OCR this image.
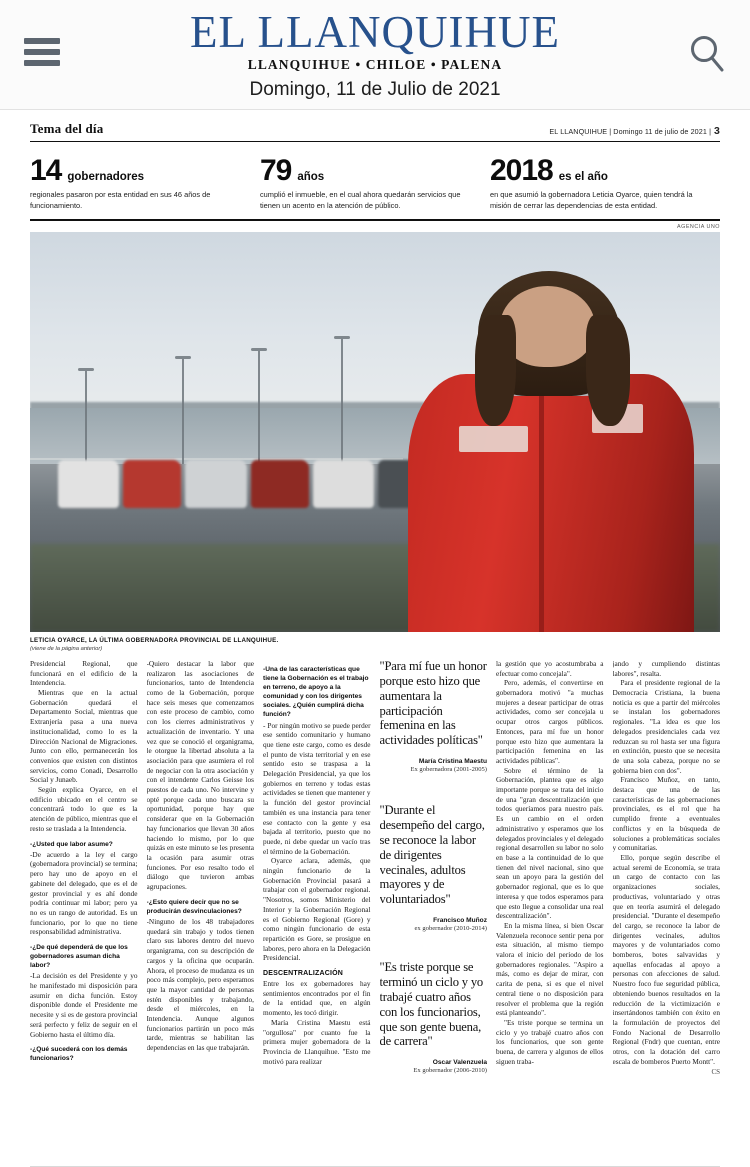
EL LLANQUIHUE
LLANQUIHUE • CHILOE • PALENA
Domingo, 11 de Julio de 2021
Tema del día	EL LLANQUIHUE | Domingo 11 de julio de 2021 | 3
14 gobernadores
regionales pasaron por esta entidad en sus 46 años de funcionamiento.
79 años
cumplió el inmueble, en el cual ahora quedarán servicios que tienen un acento en la atención de público.
2018 es el año
en que asumió la gobernadora Leticia Oyarce, quien tendrá la misión de cerrar las dependencias de esta entidad.
AGENCIA UNO
LETICIA OYARCE, LA ÚLTIMA GOBERNADORA PROVINCIAL DE LLANQUIHUE.
(viene de la página anterior)

Presidencial Regional, que funcionará en el edificio de la Intendencia.

Mientras que en la actual Gobernación quedará el Departamento Social, mientras que Extranjería pasa a una nueva institucionalidad, como lo es la Dirección Nacional de Migraciones. Junto con ello, permanecerán los convenios que existen con distintos servicios, como Conadi, Desarrollo Social y Junaeb.

Según explica Oyarce, en el edificio ubicado en el centro se concentrará todo lo que es la atención de público, mientras que el resto se traslada a la Intendencia.

-¿Usted que labor asume?

-De acuerdo a la ley el cargo (gobernadora provincial) se termina; pero hay uno de apoyo en el gabinete del delegado, que es el de gestor provincial y es ahí donde podría continuar mi labor; pero ya no es un rango de autoridad. Es un funcionario, por lo que no tiene responsabilidad administrativa.

-¿De qué dependerá de que los gobernadores asuman dicha labor?

-La decisión es del Presidente y yo he manifestado mi disposición para asumir en dicha función. Estoy disponible donde el Presidente me necesite y si es de gestora provincial será perfecto y feliz de seguir en el Gobierno hasta el último día.

-¿Qué sucederá con los demás funcionarios?

-Quiero destacar la labor que realizaron las asociaciones de funcionarios, tanto de Intendencia como de la Gobernación, porque hace seis meses que comenzamos con este proceso de cambio, como con los cierres administrativos y actualización de inventario. Y una vez que se conoció el organigrama, le otorgue la libertad absoluta a la asociación para que asumiera el rol de negociar con la otra asociación y con el intendente Carlos Geisse los puestos de cada uno. No intervine y opté porque cada uno buscara su oportunidad, porque hay que considerar que en la Gobernación hay funcionarios que llevan 30 años haciendo lo mismo, por lo que quizás en este minuto se les presenta la ocasión para asumir otras funciones. Por eso resalto todo el diálogo que tuvieron ambas agrupaciones.

-¿Esto quiere decir que no se producirán desvinculaciones?

-Ninguno de los 48 trabajadores quedará sin trabajo y todos tienen claro sus labores dentro del nuevo organigrama, con su descripción de cargos y la oficina que ocuparán. Ahora, el proceso de mudanza es un poco más complejo, pero esperamos que la mayor cantidad de personas estén disponibles y trabajando, desde el miércoles, en la Intendencia. Aunque algunos funcionarios partirán un poco más tarde, mientras se habilitan las dependencias en las que trabajarán.

-Una de las características que tiene la Gobernación es el trabajo en terreno, de apoyo a la comunidad y con los dirigentes sociales. ¿Quién cumplirá dicha función?

- Por ningún motivo se puede perder ese sentido comunitario y humano que tiene este cargo, como es desde el punto de vista territorial y en ese sentido esto se traspasa a la Delegación Presidencial, ya que los gobiernos en terreno y todas estas actividades se tienen que mantener y la función del gestor provincial también es una instancia para tener ese contacto con la gente y esa bajada al territorio, puesto que no puede, ni debe quedar un vacío tras el término de la Gobernación.

Oyarce aclara, además, que ningún funcionario de la Gobernación Provincial pasará a trabajar con el gobernador regional. "Nosotros, somos Ministerio del Interior y la Gobernación Regional es el Gobierno Regional (Gore) y como ningún funcionario de esta repartición es Gore, se prosigue en labores, pero ahora en la Delegación Presidencial.

DESCENTRALIZACIÓN

Entre los ex gobernadores hay sentimientos encontrados por el fin de la entidad que, en algún momento, les tocó dirigir.

María Cristina Maestu está "orgullosa" por cuanto fue la primera mujer gobernadora de la Provincia de Llanquihue. "Esto me motivó para realizar

"Para mí fue un honor porque esto hizo que aumentara la participación femenina en las actividades políticas"
María Cristina Maestu
Ex gobernadora (2001-2005)
"Durante el desempeño del cargo, se reconoce la labor de dirigentes vecinales, adultos mayores y de voluntariados"
Francisco Muñoz
ex gobernador (2010-2014)
"Es triste porque se terminó un ciclo y yo trabajé cuatro años con los funcionarios, que son gente buena, de carrera"
Oscar Valenzuela
Ex gobernador (2006-2010)

la gestión que yo acostumbraba a efectuar como concejala".

Pero, además, el convertirse en gobernadora motivó "a muchas mujeres a desear participar de otras actividades, como ser concejala u ocupar otros cargos públicos. Entonces, para mí fue un honor porque esto hizo que aumentara la participación femenina en las actividades públicas".

Sobre el término de la Gobernación, plantea que es algo importante porque se trata del inicio de una "gran descentralización que todos queríamos para nuestro país. Es un cambio en el orden administrativo y esperamos que los delegados provinciales y el delegado regional desarrollen su labor no solo en base a la continuidad de lo que tienen del nivel nacional, sino que sean un apoyo para la gestión del gobernador regional, que es lo que interesa y que todos esperamos para que esto llegue a consolidar una real descentralización".

En la misma línea, si bien Oscar Valenzuela reconoce sentir pena por esta situación, al mismo tiempo valora el inicio del período de los gobernadores regionales. "Aspiro a más, como es dejar de mirar, con carita de pena, si es que el nivel central tiene o no disposición para resolver el problema que la región está planteando".

"Es triste porque se termina un ciclo y yo trabajé cuatro años con los funcionarios, que son gente buena, de carrera y algunos de ellos siguen traba-

jando y cumpliendo distintas labores", resalta.

Para el presidente regional de la Democracia Cristiana, la buena noticia es que a partir del miércoles se instalan los gobernadores regionales. "La idea es que los delegados presidenciales cada vez reduzcan su rol hasta ser una figura en extinción, puesto que se necesita de una sola cabeza, porque no se gobierna bien con dos".

Francisco Muñoz, en tanto, destaca que una de las características de las gobernaciones provinciales, es el rol que ha cumplido frente a eventuales conflictos y en la búsqueda de soluciones a problemáticas sociales y comunitarias.

Ello, porque según describe el actual seremi de Economía, se trata un cargo de contacto con las organizaciones sociales, productivas, voluntariado y otras que en teoría asumirá el delegado presidencial. "Durante el desempeño del cargo, se reconoce la labor de dirigentes vecinales, adultos mayores y de voluntariados como bomberos, botes salvavidas y aquellas enfocadas al apoyo a personas con afecciones de salud. Nuestro foco fue seguridad pública, obteniendo buenos resultados en la reducción de la victimización e insertándonos también con éxito en la formulación de proyectos del Fondo Nacional de Desarrollo Regional (Fndr) que cuentan, entre otros, con la dotación del carro escala de bomberos Puerto Montt".

CS
